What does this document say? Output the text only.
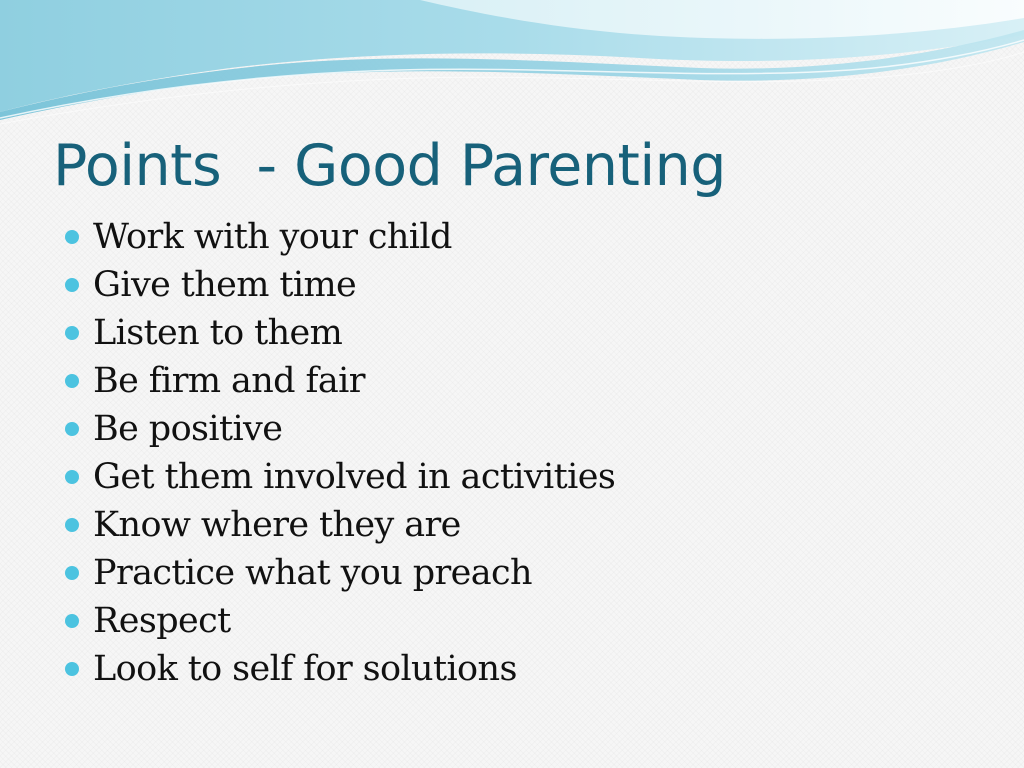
Points  - Good Parenting
Work with your child
Give them time
Listen to them
Be firm and fair
Be positive
Get them involved in activities
Know where they are
Practice what you preach
Respect
Look to self for solutions
